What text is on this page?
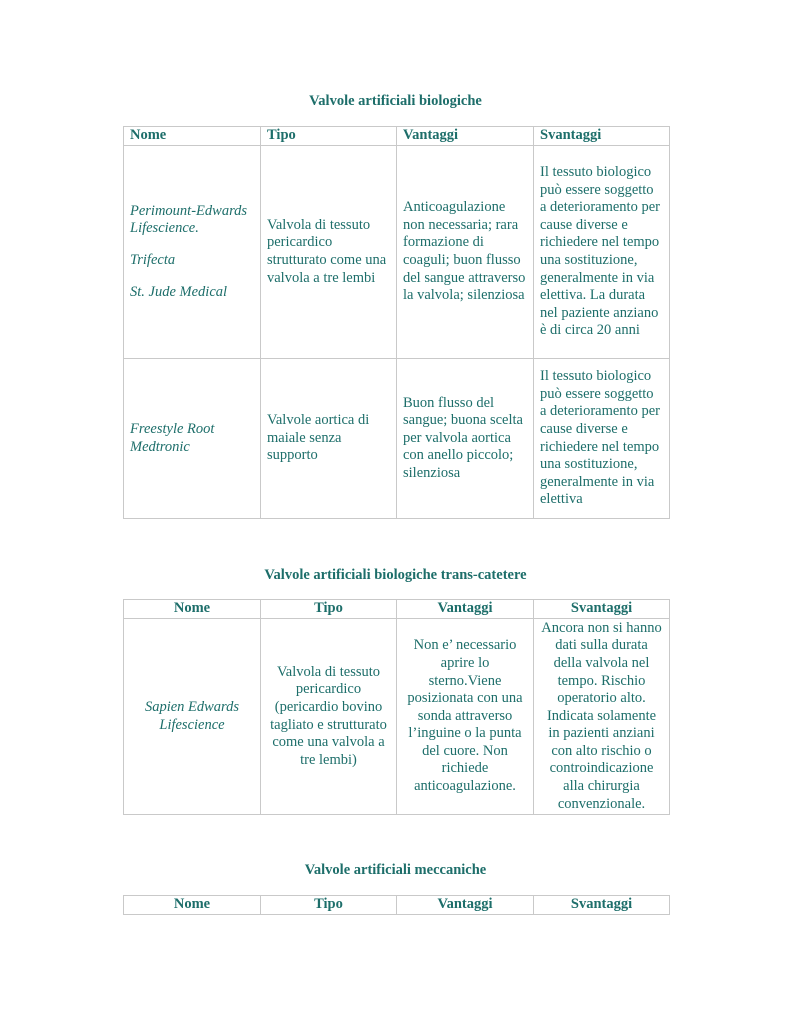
Valvole artificiali biologiche
Nome	Tipo	Vantaggi	Svantaggi

Perimount-Edwards Lifescience.
Trifecta
St. Jude Medical	Valvola di tessuto pericardico strutturato come una valvola a tre lembi	Anticoagulazione non necessaria; rara formazione di coaguli; buon flusso del sangue attraverso la valvola; silenziosa	Il tessuto biologico può essere soggetto a deterioramento per cause diverse e richiedere nel tempo una sostituzione, generalmente in via elettiva. La durata nel paziente anziano è di circa 20 anni

Freestyle Root Medtronic	Valvole aortica di maiale senza supporto	Buon flusso del sangue; buona scelta per valvola aortica con anello piccolo; silenziosa	Il tessuto biologico può essere soggetto a deterioramento per cause diverse e richiedere nel tempo una sostituzione, generalmente in via elettiva
Valvole artificiali biologiche trans-catetere
Nome	Tipo	Vantaggi	Svantaggi

Sapien Edwards Lifescience	Valvola di tessuto pericardico (pericardio bovino tagliato e strutturato come una valvola a tre lembi)	Non e’ necessario aprire lo sterno.Viene posizionata con una sonda attraverso l’inguine o la punta del cuore. Non richiede anticoagulazione.	Ancora non si hanno dati sulla durata della valvola nel tempo. Rischio operatorio alto. Indicata solamente in pazienti anziani con alto rischio o controindicazione alla chirurgia convenzionale.
Valvole artificiali meccaniche
Nome	Tipo	Vantaggi	Svantaggi
